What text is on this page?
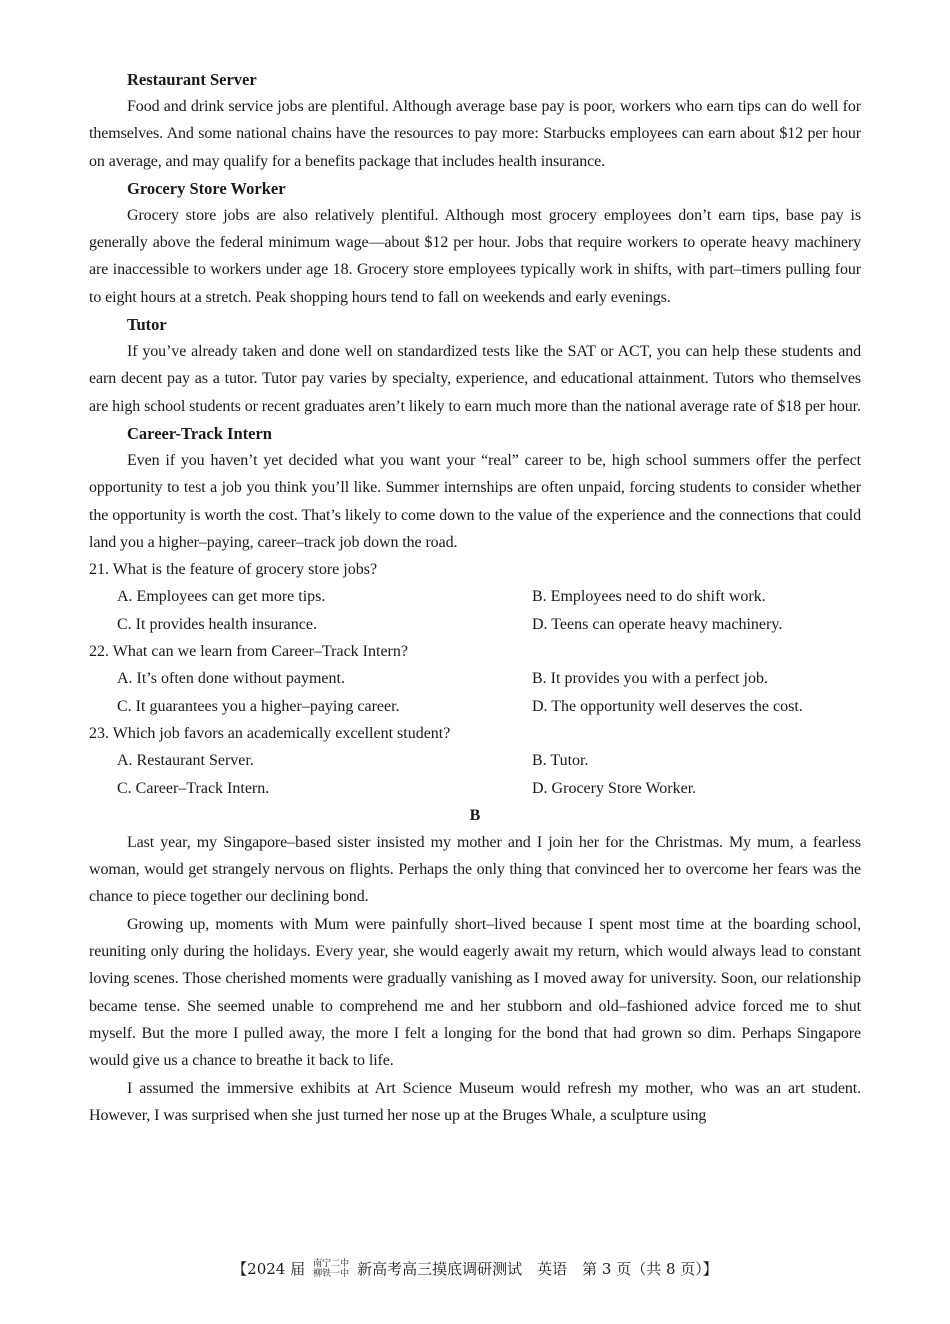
Restaurant Server

Food and drink service jobs are plentiful. Although average base pay is poor, workers who earn tips can do well for themselves. And some national chains have the resources to pay more: Starbucks employees can earn about $12 per hour on average, and may qualify for a benefits package that includes health insurance.

Grocery Store Worker

Grocery store jobs are also relatively plentiful. Although most grocery employees don’t earn tips, base pay is generally above the federal minimum wage—about $12 per hour. Jobs that require workers to operate heavy machinery are inaccessible to workers under age 18. Grocery store employees typically work in shifts, with part–timers pulling four to eight hours at a stretch. Peak shopping hours tend to fall on weekends and early evenings.

Tutor

If you’ve already taken and done well on standardized tests like the SAT or ACT, you can help these students and earn decent pay as a tutor. Tutor pay varies by specialty, experience, and educational attainment. Tutors who themselves are high school students or recent graduates aren’t likely to earn much more than the national average rate of $18 per hour.

Career-Track Intern

Even if you haven’t yet decided what you want your “real” career to be, high school summers offer the perfect opportunity to test a job you think you’ll like. Summer internships are often unpaid, forcing students to consider whether the opportunity is worth the cost. That’s likely to come down to the value of the experience and the connections that could land you a higher–paying, career–track job down the road.

21. What is the feature of grocery store jobs?
A. Employees can get more tips.	B. Employees need to do shift work.
C. It provides health insurance.	D. Teens can operate heavy machinery.
22. What can we learn from Career–Track Intern?
A. It’s often done without payment.	B. It provides you with a perfect job.
C. It guarantees you a higher–paying career.	D. The opportunity well deserves the cost.
23. Which job favors an academically excellent student?
A. Restaurant Server.	B. Tutor.
C. Career–Track Intern.	D. Grocery Store Worker.
B

Last year, my Singapore–based sister insisted my mother and I join her for the Christmas. My mum, a fearless woman, would get strangely nervous on flights. Perhaps the only thing that convinced her to overcome her fears was the chance to piece together our declining bond.

Growing up, moments with Mum were painfully short–lived because I spent most time at the boarding school, reuniting only during the holidays. Every year, she would eagerly await my return, which would always lead to constant loving scenes. Those cherished moments were gradually vanishing as I moved away for university. Soon, our relationship became tense. She seemed unable to comprehend me and her stubborn and old–fashioned advice forced me to shut myself. But the more I pulled away, the more I felt a longing for the bond that had grown so dim. Perhaps Singapore would give us a chance to breathe it back to life.

I assumed the immersive exhibits at Art Science Museum would refresh my mother, who was an art student. However, I was surprised when she just turned her nose up at the Bruges Whale, a sculpture using

【2024 届 南宁二中
柳铁一中 新高考高三摸底调研测试　英语　第 3 页（共 8 页）】
